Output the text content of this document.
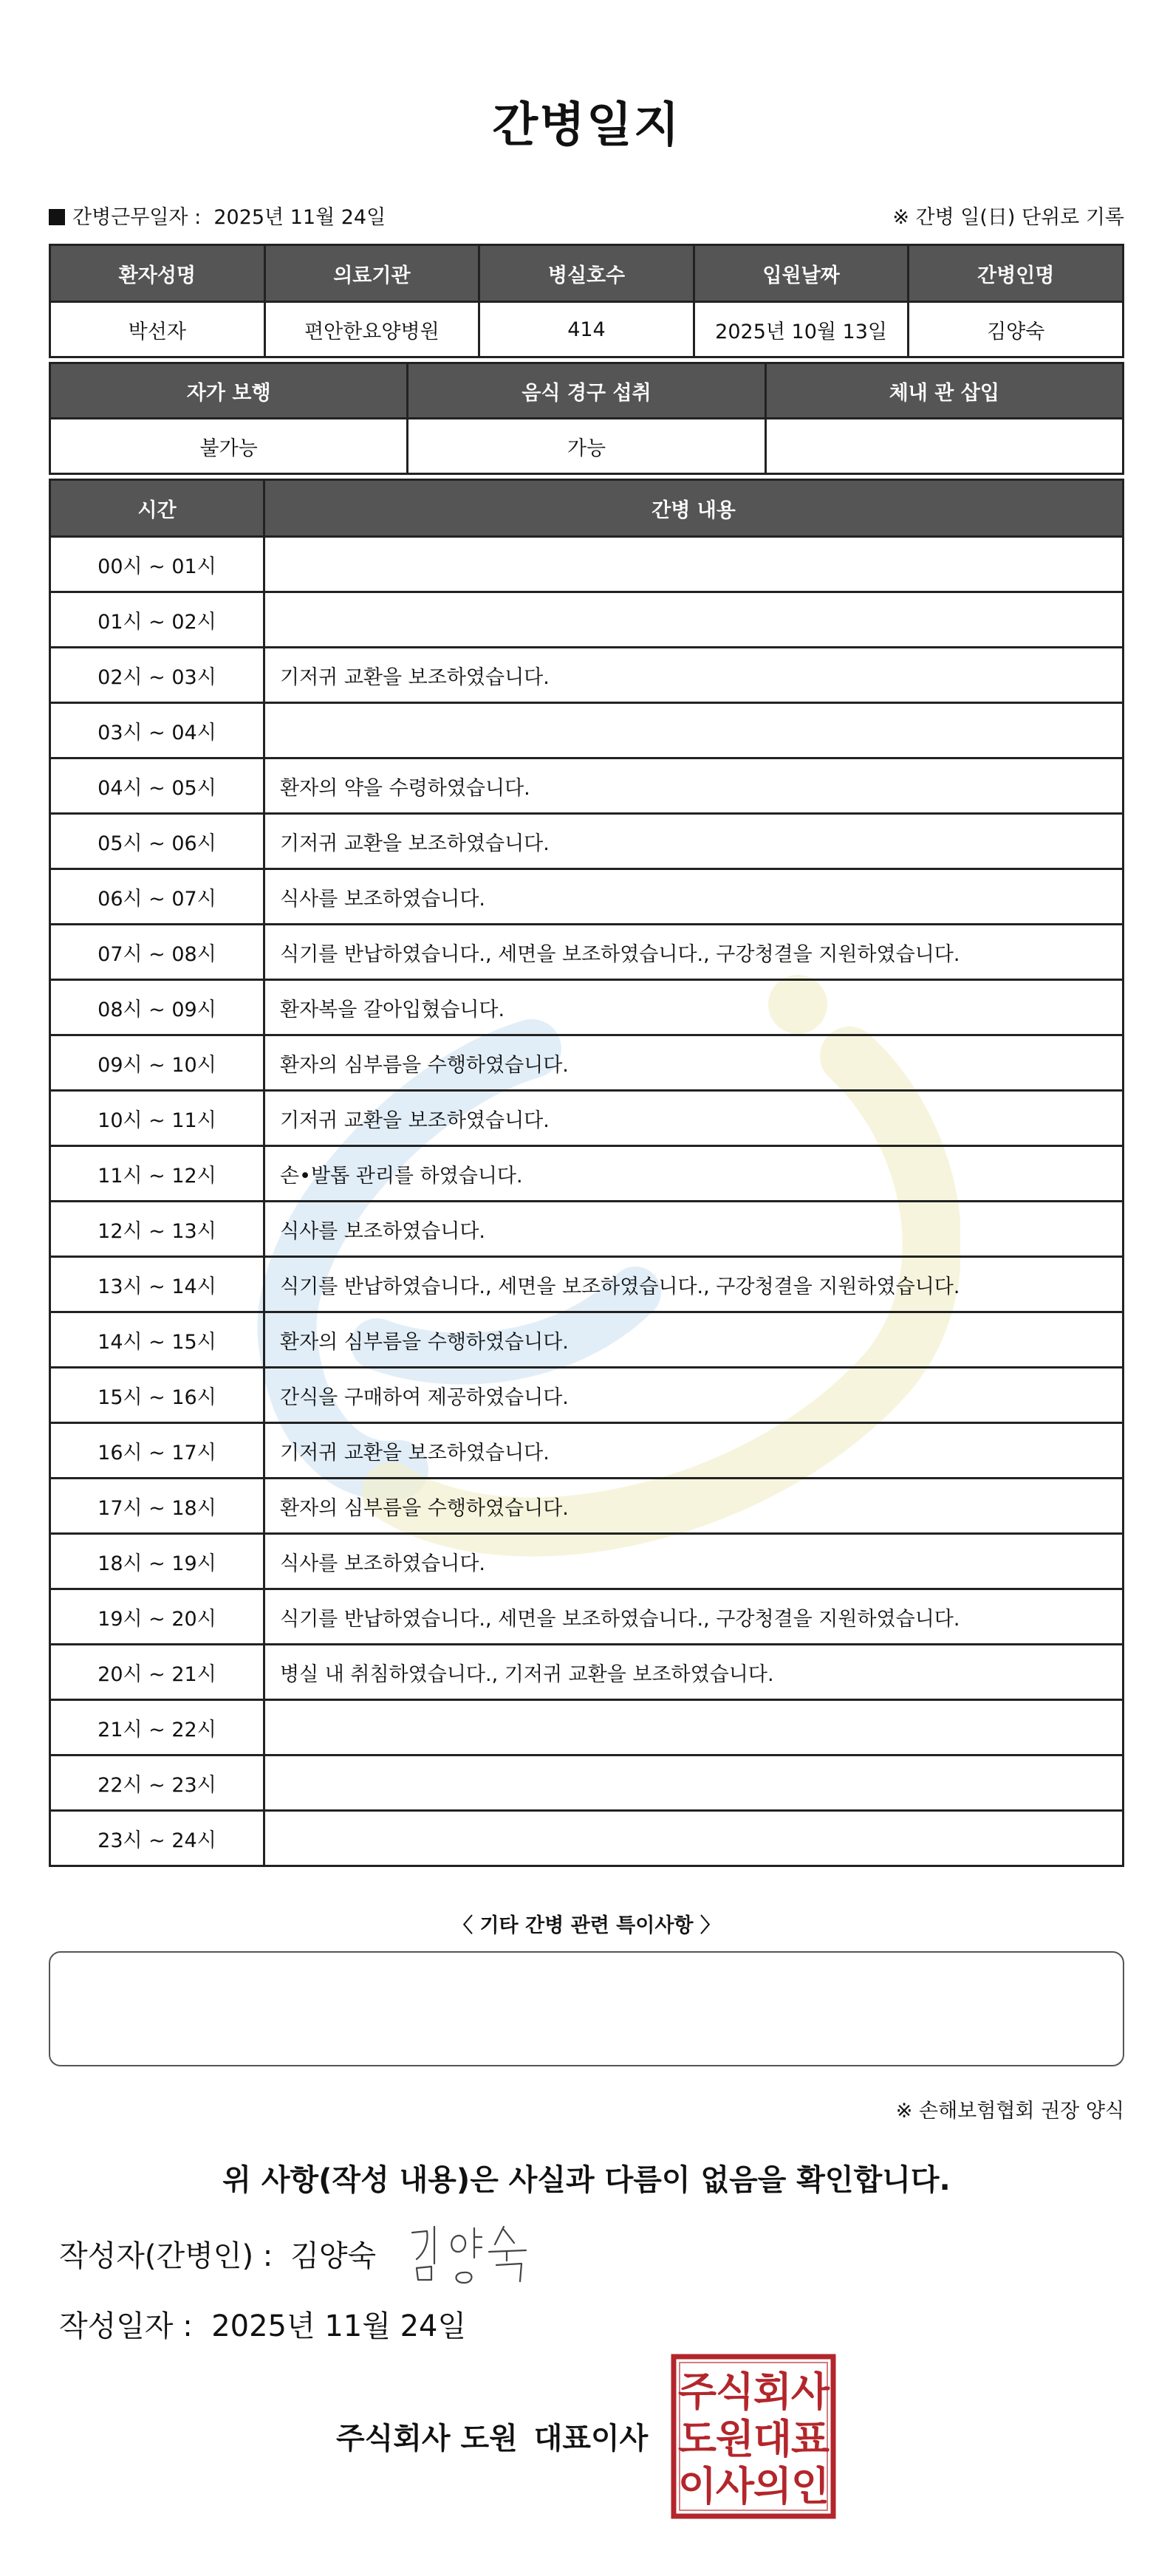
간병일지
간병근무일자 : 2025년 11월 24일	※ 간병 일(日) 단위로 기록
환자성명	의료기관	병실호수	입원날짜	간병인명
박선자	편안한요양병원	414	2025년 10월 13일	김양숙
자가 보행	음식 경구 섭취	체내 관 삽입
불가능	가능	
시간	간병 내용
00시 ~ 01시	
01시 ~ 02시	
02시 ~ 03시	기저귀 교환을 보조하였습니다.
03시 ~ 04시	
04시 ~ 05시	환자의 약을 수령하였습니다.
05시 ~ 06시	기저귀 교환을 보조하였습니다.
06시 ~ 07시	식사를 보조하였습니다.
07시 ~ 08시	식기를 반납하였습니다., 세면을 보조하였습니다., 구강청결을 지원하였습니다.
08시 ~ 09시	환자복을 갈아입혔습니다.
09시 ~ 10시	환자의 심부름을 수행하였습니다.
10시 ~ 11시	기저귀 교환을 보조하였습니다.
11시 ~ 12시	손•발톱 관리를 하였습니다.
12시 ~ 13시	식사를 보조하였습니다.
13시 ~ 14시	식기를 반납하였습니다., 세면을 보조하였습니다., 구강청결을 지원하였습니다.
14시 ~ 15시	환자의 심부름을 수행하였습니다.
15시 ~ 16시	간식을 구매하여 제공하였습니다.
16시 ~ 17시	기저귀 교환을 보조하였습니다.
17시 ~ 18시	환자의 심부름을 수행하였습니다.
18시 ~ 19시	식사를 보조하였습니다.
19시 ~ 20시	식기를 반납하였습니다., 세면을 보조하였습니다., 구강청결을 지원하였습니다.
20시 ~ 21시	병실 내 취침하였습니다., 기저귀 교환을 보조하였습니다.
21시 ~ 22시	
22시 ~ 23시	
23시 ~ 24시	
〈 기타 간병 관련 특이사항 〉
※ 손해보험협회 권장 양식
위 사항(작성 내용)은 사실과 다름이 없음을 확인합니다.
작성자(간병인) : 김양숙
작성일자 : 2025년 11월 24일
주식회사 도원 대표이사
주
식
회
사
도
원
대
표
이
사
의
인
